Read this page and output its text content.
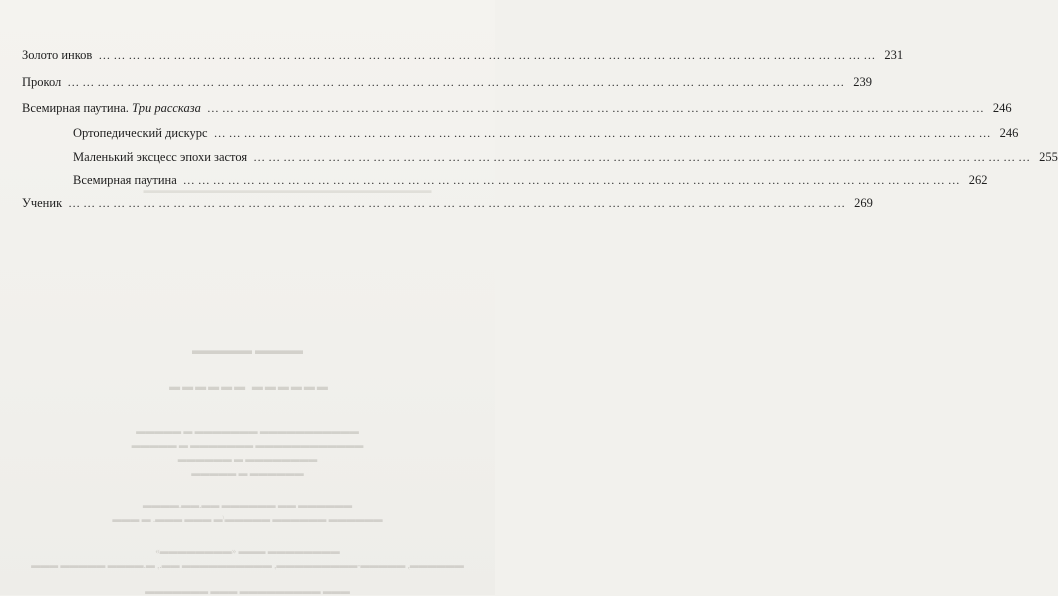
▬▬▬▬ ▬▬▬▬▬
▬▬▬▬▬▬ ▬▬▬▬▬▬
▬▬▬▬▬▬▬▬▬▬▬ ▬▬▬▬▬▬▬ ▬ ▬▬▬▬▬
▬▬▬▬▬▬▬▬▬▬▬▬ ▬▬▬▬▬▬▬ ▬ ▬▬▬▬▬
▬▬▬▬▬▬▬▬ ▬ ▬▬▬▬▬▬
▬▬▬▬▬▬ ▬ ▬▬▬▬▬
▬▬▬▬▬▬ ▬▬ ▬▬▬▬▬▬ ▬▬.▬▬.▬▬▬▬
▬▬▬▬▬▬ ▬▬▬▬▬▬ ▬▬▬▬▬/▬ ▬▬▬ ▬▬▬. ▬ ▬▬▬
▬▬▬▬▬▬▬▬ ▬▬▬ «▬▬▬▬▬▬▬▬»
▬▬▬▬▬▬, ▬▬▬▬▬-▬▬▬▬▬▬▬▬▬, ▬▬▬▬▬▬▬▬▬▬ ▬▬., ▬.▬▬▬▬ ▬▬▬▬▬ ▬▬▬
▬▬▬ ▬▬▬▬▬▬▬▬▬ ▬▬▬ ▬▬▬▬▬▬▬
▬▬▬▬▬▬▬▬▬▬▬▬▬▬▬▬▬▬▬▬▬▬▬▬▬▬▬▬▬▬▬▬
Золото инков ………………………………………………………………………………………………………………………………………… 231
Прокол ………………………………………………………………………………………………………………………………………… 239
Всемирная паутина. Три рассказа ………………………………………………………………………………………………………………………………………… 246
Ортопедический дискурс ………………………………………………………………………………………………………………………………………… 246
Маленький эксцесс эпохи застоя ………………………………………………………………………………………………………………………………………… 255
Всемирная паутина ………………………………………………………………………………………………………………………………………… 262
Ученик ………………………………………………………………………………………………………………………………………… 269
